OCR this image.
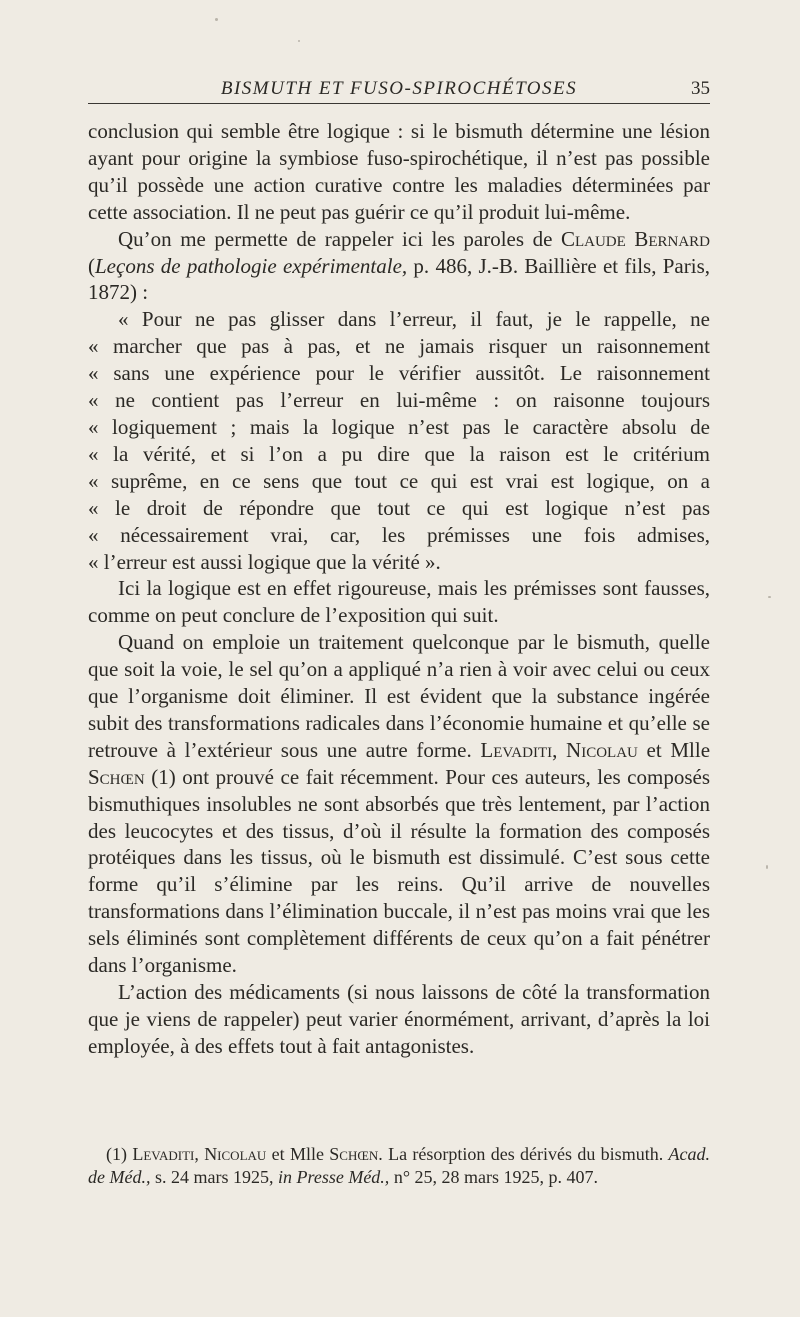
BISMUTH ET FUSO-SPIROCHÉTOSES	35

conclusion qui semble être logique : si le bismuth détermine une lésion ayant pour origine la symbiose fuso-spirochétique, il n’est pas possible qu’il possède une action curative contre les maladies déterminées par cette association. Il ne peut pas guérir ce qu’il produit lui-même.

Qu’on me permette de rappeler ici les paroles de Claude Bernard (Leçons de pathologie expérimentale, p. 486, J.-B. Baillière et fils, Paris, 1872) :

« Pour ne pas glisser dans l’erreur, il faut, je le rappelle, ne
« marcher que pas à pas, et ne jamais risquer un raisonnement
« sans une expérience pour le vérifier aussitôt. Le raisonnement
« ne contient pas l’erreur en lui-même : on raisonne toujours
« logiquement ; mais la logique n’est pas le caractère absolu de
« la vérité, et si l’on a pu dire que la raison est le critérium
« suprême, en ce sens que tout ce qui est vrai est logique, on a
« le droit de répondre que tout ce qui est logique n’est pas
« nécessairement vrai, car, les prémisses une fois admises,
« l’erreur est aussi logique que la vérité ».

Ici la logique est en effet rigoureuse, mais les prémisses sont fausses, comme on peut conclure de l’exposition qui suit.

Quand on emploie un traitement quelconque par le bismuth, quelle que soit la voie, le sel qu’on a appliqué n’a rien à voir avec celui ou ceux que l’organisme doit éliminer. Il est évident que la substance ingérée subit des transformations radicales dans l’économie humaine et qu’elle se retrouve à l’extérieur sous une autre forme. Levaditi, Nicolau et Mlle Schœn (1) ont prouvé ce fait récemment. Pour ces auteurs, les composés bismuthiques insolubles ne sont absorbés que très lentement, par l’action des leucocytes et des tissus, d’où il résulte la formation des composés protéiques dans les tissus, où le bismuth est dissimulé. C’est sous cette forme qu’il s’élimine par les reins. Qu’il arrive de nouvelles transformations dans l’élimination buccale, il n’est pas moins vrai que les sels éliminés sont complètement différents de ceux qu’on a fait pénétrer dans l’organisme.

L’action des médicaments (si nous laissons de côté la transformation que je viens de rappeler) peut varier énormément, arrivant, d’après la loi employée, à des effets tout à fait antagonistes.

(1) Levaditi, Nicolau et Mlle Schœn. La résorption des dérivés du bismuth. Acad. de Méd., s. 24 mars 1925, in Presse Méd., n° 25, 28 mars 1925, p. 407.
